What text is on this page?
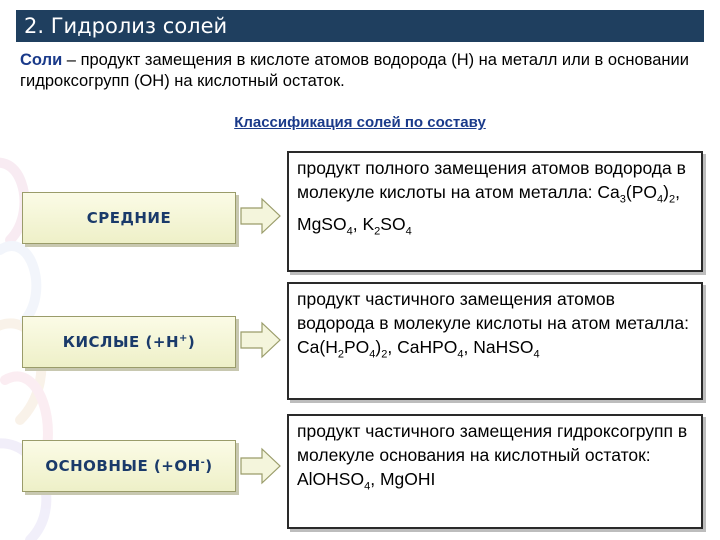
2. Гидролиз солей
Соли – продукт замещения в кислоте атомов водорода (Н) на металл или в основании гидроксогрупп (ОН) на кислотный остаток.
Классификация солей по составу
СРЕДНИЕ
продукт полного замещения атомов водорода в молекуле кислоты на атом металла: $Ca_3(PO_4)_2$, MgSO$_4$, $K_2SO_4$
КИСЛЫЕ (+H+)
продукт частичного замещения атомов водорода в молекуле кислоты на атом металла: $Ca(H_2PO_4)_2$, CaHPO$_4$, NaHSO$_4$
ОСНОВНЫЕ (+OH-)
продукт частичного замещения гидроксогрупп в молекуле основания на кислотный остаток: AlOHSO$_4$, MgOHI
